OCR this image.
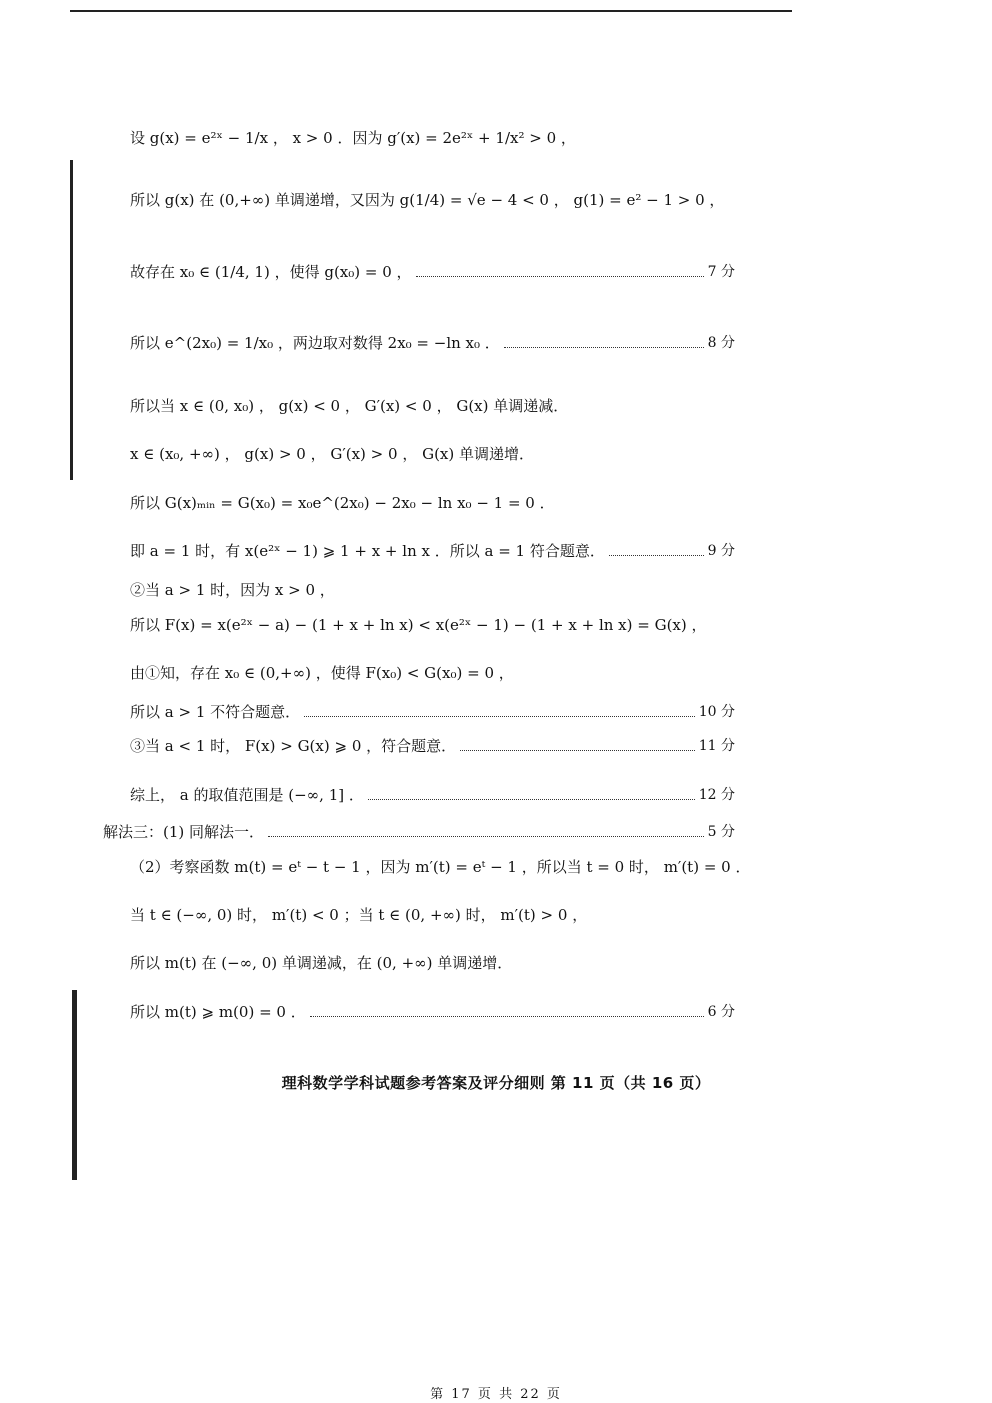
设 g(x) = e²ˣ − 1/x ， x > 0 ．因为 g′(x) = 2e²ˣ + 1/x² > 0 ，
所以 g(x) 在 (0,+∞) 单调递增，又因为 g(1/4) = √e − 4 < 0 ， g(1) = e² − 1 > 0 ，
故存在 x₀ ∈ (1/4, 1) ，使得 g(x₀) = 0 ，	7 分
所以 e^(2x₀) = 1/x₀ ，两边取对数得 2x₀ = −ln x₀ ．	8 分
所以当 x ∈ (0, x₀) ， g(x) < 0 ， G′(x) < 0 ， G(x) 单调递减．
x ∈ (x₀, +∞) ， g(x) > 0 ， G′(x) > 0 ， G(x) 单调递增．
所以 G(x)ₘᵢₙ = G(x₀) = x₀e^(2x₀) − 2x₀ − ln x₀ − 1 = 0 ．
即 a = 1 时，有 x(e²ˣ − 1) ⩾ 1 + x + ln x ．所以 a = 1 符合题意．	9 分
②当 a > 1 时，因为 x > 0 ，
所以 F(x) = x(e²ˣ − a) − (1 + x + ln x) < x(e²ˣ − 1) − (1 + x + ln x) = G(x) ，
由①知，存在 x₀ ∈ (0,+∞) ，使得 F(x₀) < G(x₀) = 0 ，
所以 a > 1 不符合题意．	10 分
③当 a < 1 时， F(x) > G(x) ⩾ 0 ，符合题意．	11 分
综上， a 的取值范围是 (−∞, 1] ．	12 分
解法三：(1) 同解法一．	5 分
（2）考察函数 m(t) = eᵗ − t − 1 ，因为 m′(t) = eᵗ − 1 ，所以当 t = 0 时， m′(t) = 0 ．
当 t ∈ (−∞, 0) 时， m′(t) < 0 ；当 t ∈ (0, +∞) 时， m′(t) > 0 ，
所以 m(t) 在 (−∞, 0) 单调递减，在 (0, +∞) 单调递增．
所以 m(t) ⩾ m(0) = 0 ．	6 分
理科数学学科试题参考答案及评分细则 第 11 页（共 16 页）
第 17 页 共 22 页
